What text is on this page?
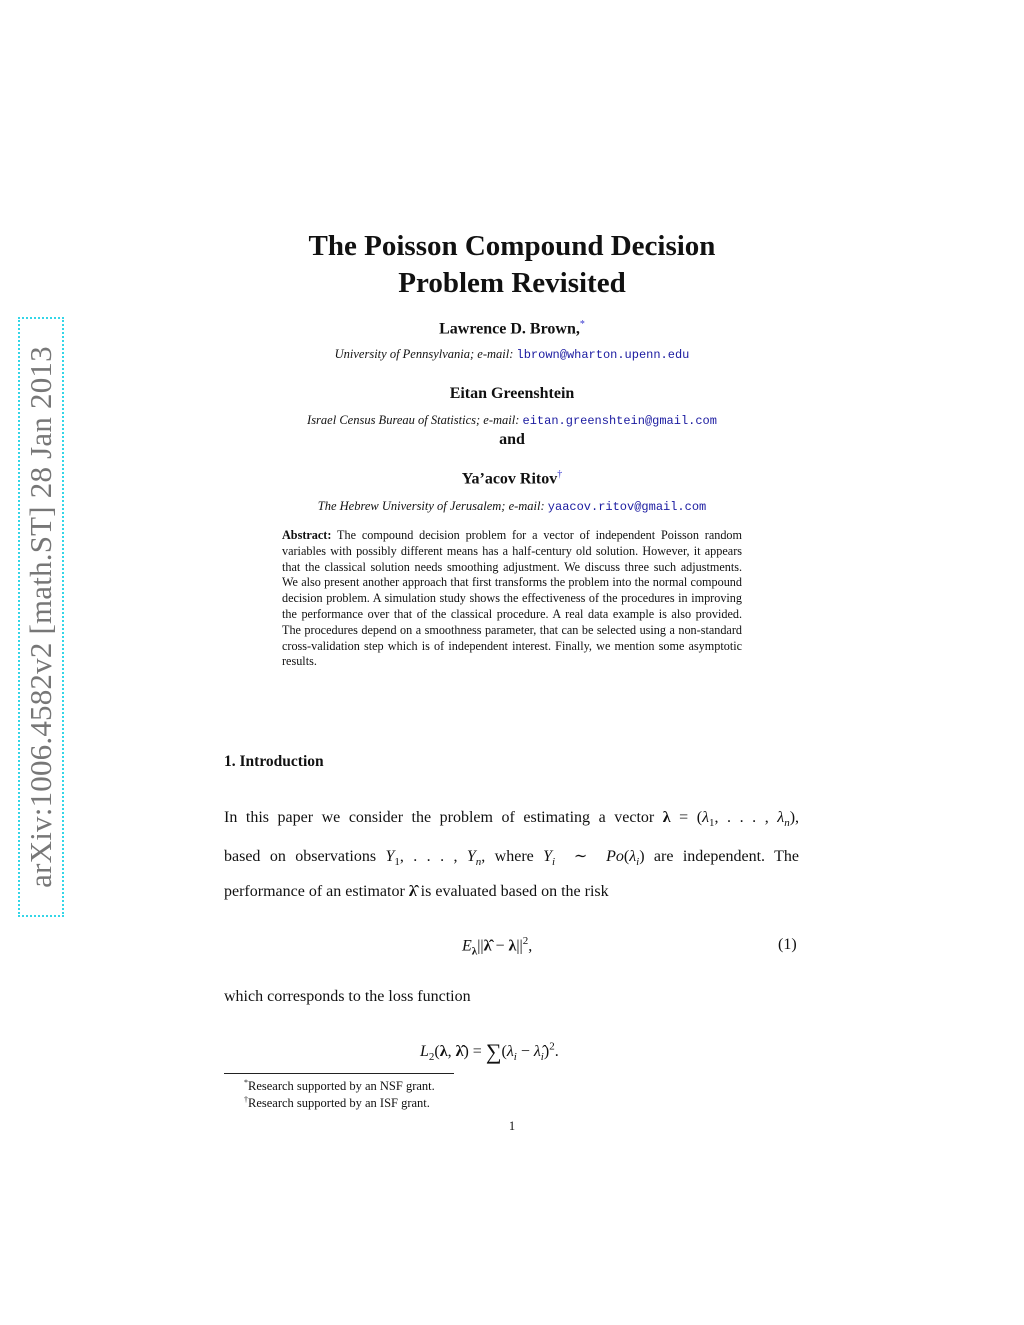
arXiv:1006.4582v2 [math.ST] 28 Jan 2013
The Poisson Compound Decision
Problem Revisited
Lawrence D. Brown,*
University of Pennsylvania; e-mail: lbrown@wharton.upenn.edu
Eitan Greenshtein
Israel Census Bureau of Statistics; e-mail: eitan.greenshtein@gmail.com
and
Ya’acov Ritov†
The Hebrew University of Jerusalem; e-mail: yaacov.ritov@gmail.com
Abstract: The compound decision problem for a vector of independent Poisson random variables with possibly different means has a half-century old solution. However, it appears that the classical solution needs smoothing adjustment. We discuss three such adjustments. We also present another approach that first transforms the problem into the normal compound decision problem. A simulation study shows the effectiveness of the procedures in improving the performance over that of the classical procedure. A real data example is also provided. The procedures depend on a smoothness parameter, that can be selected using a non-standard cross-validation step which is of independent interest. Finally, we mention some asymptotic results.
1. Introduction
In this paper we consider the problem of estimating a vector $\lambda = (\lambda_1$, . . . , $\lambda_n$),
based on observations $Y_1$, . . . , $Y_n$, where $Y_i$  ∼  $Po(\lambda_i)$ are independent. The
performance of an estimator λ̂ is evaluated based on the risk
$E_\lambda||\lambdâ - \lambda||^2$,	(1)
which corresponds to the loss function
$L_2(\lambda$, λ̂) = $\sum(\lambda_i$ − $\lambdâ_i)^2$.
*Research supported by an NSF grant.
†Research supported by an ISF grant.
1
